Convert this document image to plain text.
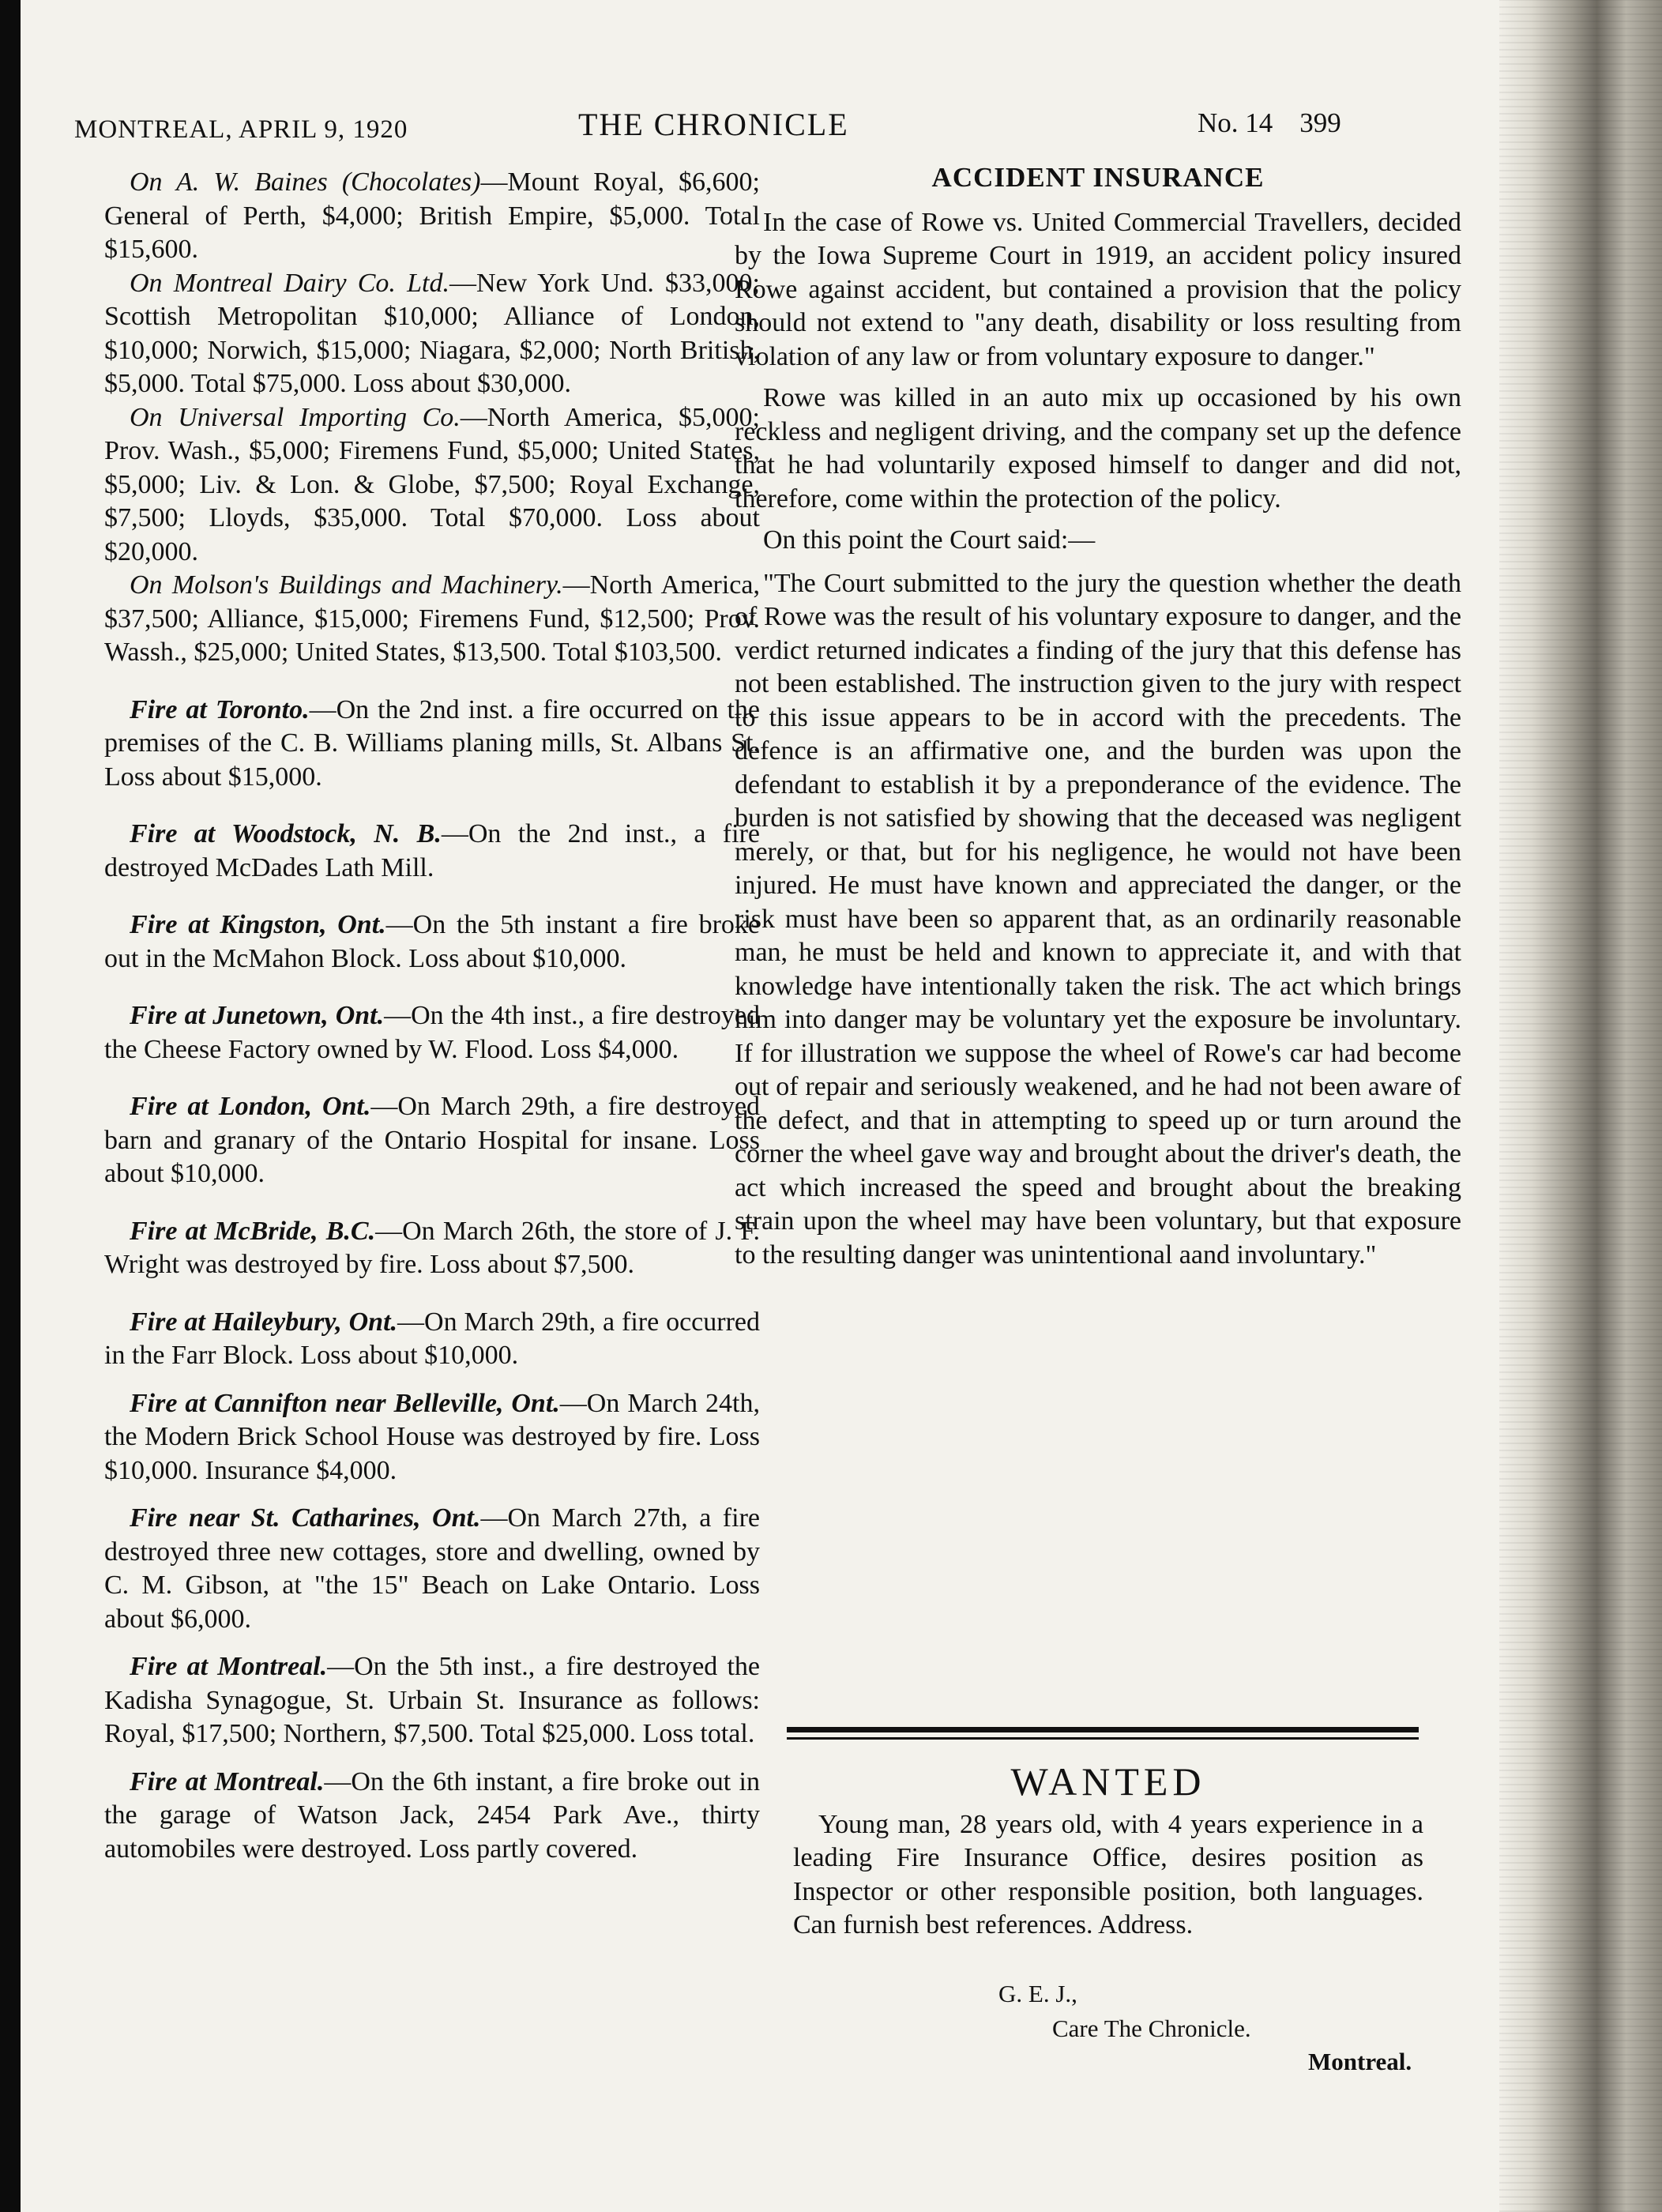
MONTREAL, APRIL 9, 1920	THE CHRONICLE	No. 14 399

On A. W. Baines (Chocolates)—Mount Royal, $6,600; General of Perth, $4,000; British Empire, $5,000. Total $15,600.

On Montreal Dairy Co. Ltd.—New York Und. $33,000; Scottish Metropolitan $10,000; Alliance of London, $10,000; Norwich, $15,000; Niagara, $2,000; North British, $5,000. Total $75,000. Loss about $30,000.

On Universal Importing Co.—North America, $5,000; Prov. Wash., $5,000; Firemens Fund, $5,000; United States, $5,000; Liv. & Lon. & Globe, $7,500; Royal Exchange, $7,500; Lloyds, $35,000. Total $70,000. Loss about $20,000.

On Molson's Buildings and Machinery.—North America, $37,500; Alliance, $15,000; Firemens Fund, $12,500; Prov. Wassh., $25,000; United States, $13,500. Total $103,500.

Fire at Toronto.—On the 2nd inst. a fire occurred on the premises of the C. B. Williams planing mills, St. Albans St. Loss about $15,000.

Fire at Woodstock, N. B.—On the 2nd inst., a fire destroyed McDades Lath Mill.

Fire at Kingston, Ont.—On the 5th instant a fire broke out in the McMahon Block. Loss about $10,000.

Fire at Junetown, Ont.—On the 4th inst., a fire destroyed the Cheese Factory owned by W. Flood. Loss $4,000.

Fire at London, Ont.—On March 29th, a fire destroyed barn and granary of the Ontario Hospital for insane. Loss about $10,000.

Fire at McBride, B.C.—On March 26th, the store of J. F. Wright was destroyed by fire. Loss about $7,500.

Fire at Haileybury, Ont.—On March 29th, a fire occurred in the Farr Block. Loss about $10,000.

Fire at Cannifton near Belleville, Ont.—On March 24th, the Modern Brick School House was destroyed by fire. Loss $10,000. Insurance $4,000.

Fire near St. Catharines, Ont.—On March 27th, a fire destroyed three new cottages, store and dwelling, owned by C. M. Gibson, at "the 15" Beach on Lake Ontario. Loss about $6,000.

Fire at Montreal.—On the 5th inst., a fire destroyed the Kadisha Synagogue, St. Urbain St. Insurance as follows: Royal, $17,500; Northern, $7,500. Total $25,000. Loss total.

Fire at Montreal.—On the 6th instant, a fire broke out in the garage of Watson Jack, 2454 Park Ave., thirty automobiles were destroyed. Loss partly covered.

ACCIDENT INSURANCE

In the case of Rowe vs. United Commercial Travellers, decided by the Iowa Supreme Court in 1919, an accident policy insured Rowe against accident, but contained a provision that the policy should not extend to "any death, disability or loss resulting from violation of any law or from voluntary exposure to danger."

Rowe was killed in an auto mix up occasioned by his own reckless and negligent driving, and the company set up the defence that he had voluntarily exposed himself to danger and did not, therefore, come within the protection of the policy.

On this point the Court said:—

"The Court submitted to the jury the question whether the death of Rowe was the result of his voluntary exposure to danger, and the verdict returned indicates a finding of the jury that this defense has not been established. The instruction given to the jury with respect to this issue appears to be in accord with the precedents. The defence is an affirmative one, and the burden was upon the defendant to establish it by a preponderance of the evidence. The burden is not satisfied by showing that the deceased was negligent merely, or that, but for his negligence, he would not have been injured. He must have known and appreciated the danger, or the risk must have been so apparent that, as an ordinarily reasonable man, he must be held and known to appreciate it, and with that knowledge have intentionally taken the risk. The act which brings him into danger may be voluntary yet the exposure be involuntary. If for illustration we suppose the wheel of Rowe's car had become out of repair and seriously weakened, and he had not been aware of the defect, and that in attempting to speed up or turn around the corner the wheel gave way and brought about the driver's death, the act which increased the speed and brought about the breaking strain upon the wheel may have been voluntary, but that exposure to the resulting danger was unintentional aand involuntary."

WANTED

Young man, 28 years old, with 4 years experience in a leading Fire Insurance Office, desires position as Inspector or other responsible position, both languages. Can furnish best references. Address.

G. E. J.,
Care The Chronicle.
Montreal.
